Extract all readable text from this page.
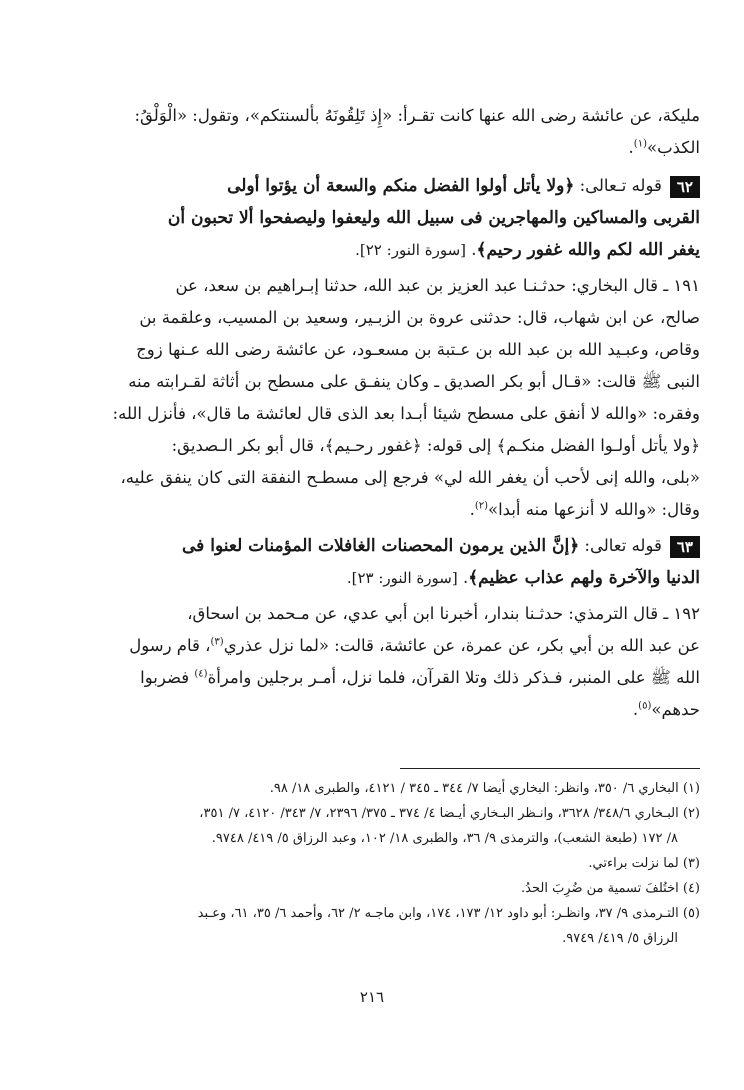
مليكة، عن عائشة رضى الله عنها كانت تقـرأ: «إِذ تَلِقُونَهُ بألسنتكم»، وتقول: «الْوَلْقُ:
الكذب»$^{(١)}$.
٦٢قوله تـعالى: ﴿ولا يأتل أولوا الفضل منكم والسعة أن يؤتوا أولى
القربى والمساكين والمهاجرين فى سبيل الله وليعفوا وليصفحوا ألا تحبون أن
يغفر الله لكم والله غفور رحيم﴾. [سورة النور: ٢٢].
١٩١ ـ قال البخاري: حدثـنـا عبد العزيز بن عبد الله، حدثنا إبـراهيم بن سعد، عن
صالح، عن ابن شهاب، قال: حدثنى عروة بن الزبـير، وسعيد بن المسيب، وعلقمة بن
وقاص، وعبـيد الله بن عبد الله بن عـتبة بن مسعـود، عن عائشة رضى الله عـنها زوج
النبى ﷺ قالت: «قـال أبو بكر الصديق ـ وكان ينفـق على مسطح بن أثاثة لقـرابته منه
وفقره: «والله لا أنفق على مسطح شيئا أبـدا بعد الذى قال لعائشة ما قال»، فأنزل الله:
﴿ولا يأتل أولـوا الفضل منكـم﴾ إلى قوله: ﴿غفور رحـيم﴾، قال أبو بكر الـصديق:
«بلى، والله إنى لأحب أن يغفر الله لي» فرجع إلى مسطـح النفقة التى كان ينفق عليه،
وقال: «والله لا أنزعها منه أبدا»$^{(٢)}$.
٦٣قوله تعالى: ﴿إنَّ الذين يرمون المحصنات الغافلات المؤمنات لعنوا فى
الدنيا والآخرة ولهم عذاب عظيم﴾. [سورة النور: ٢٣].
١٩٢ ـ قال الترمذي: حدثـنا بندار، أخبرنا ابن أبي عدي، عن مـحمد بن اسحاق،
عن عبد الله بن أبي بكر، عن عمرة، عن عائشة، قالت: «لما نزل عذري$^{(٣)}$، قام رسول
الله ﷺ على المنبر، فـذكر ذلك وتلا القرآن، فلما نزل، أمـر برجلين وامرأة$^{(٤)}$ فضربوا
حدهم»$^{(٥)}$.

(١) البخاري ٦/ ٣٥٠، وانظر: البخاري أيضا ٧/ ٣٤٤ ـ ٣٤٥ / ٤١٢١، والطبرى ١٨/ ٩٨.

(٢) البـخاري ٣٤٨/٦/ ٣٦٢٨، وانـظر البـخاري أيـضا ٤/ ٣٧٤ ـ ٣٧٥/ ٢٣٩٦، ٧/ ٣٤٣/ ٤١٢٠، ٧/ ٣٥١،

٨/ ١٧٢ (طبعة الشعب)، والترمذى ٩/ ٣٦، والطبرى ١٨/ ١٠٢، وعبد الرزاق ٥/ ٤١٩/ ٩٧٤٨.

(٣) لما نزلت براءتي.

(٤) اختُلفَ تسمية من ضُرِبَ الحدُ.

(٥) التـرمذى ٩/ ٣٧، وانظـر: أبو داود ١٢/ ١٧٣، ١٧٤، وابن ماجـه ٢/ ٦٢، وأحمد ٦/ ٣٥، ٦١، وعـبد

الرزاق ٥/ ٤١٩/ ٩٧٤٩.

٢١٦
